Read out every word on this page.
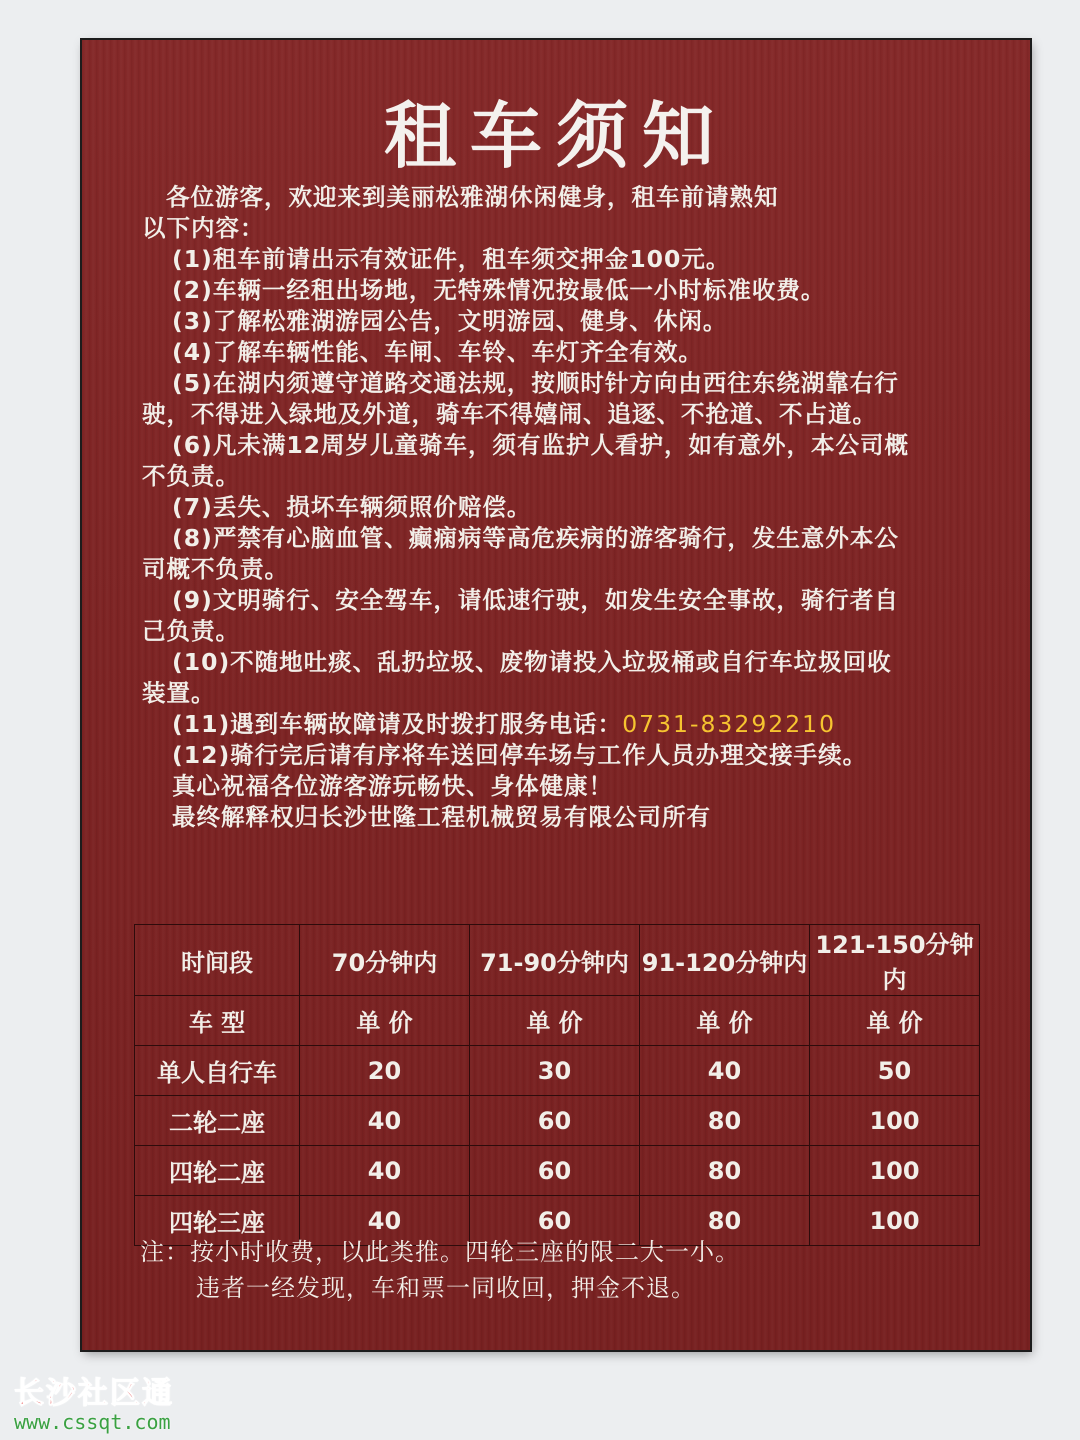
租车须知

各位游客，欢迎来到美丽松雅湖休闲健身，租车前请熟知

以下内容：

(1)租车前请出示有效证件，租车须交押金100元。

(2)车辆一经租出场地，无特殊情况按最低一小时标准收费。

(3)了解松雅湖游园公告，文明游园、健身、休闲。

(4)了解车辆性能、车闸、车铃、车灯齐全有效。

(5)在湖内须遵守道路交通法规，按顺时针方向由西往东绕湖靠右行

驶，不得进入绿地及外道，骑车不得嬉闹、追逐、不抢道、不占道。

(6)凡未满12周岁儿童骑车，须有监护人看护，如有意外，本公司概

不负责。

(7)丢失、损坏车辆须照价赔偿。

(8)严禁有心脑血管、癫痫病等高危疾病的游客骑行，发生意外本公

司概不负责。

(9)文明骑行、安全驾车，请低速行驶，如发生安全事故，骑行者自

己负责。

(10)不随地吐痰、乱扔垃圾、废物请投入垃圾桶或自行车垃圾回收

装置。

(11)遇到车辆故障请及时拨打服务电话：0731-83292210

(12)骑行完后请有序将车送回停车场与工作人员办理交接手续。

真心祝福各位游客游玩畅快、身体健康！

最终解释权归长沙世隆工程机械贸易有限公司所有

时间段	70分钟内	71-90分钟内	91-120分钟内	121-150分钟内
车 型	单 价	单 价	单 价	单 价
单人自行车	20	30	40	50
二轮二座	40	60	80	100
四轮二座	40	60	80	100
四轮三座	40	60	80	100

注：按小时收费，以此类推。四轮三座的限二大一小。

违者一经发现，车和票一同收回，押金不退。

长沙社区通
www.cssqt.com
